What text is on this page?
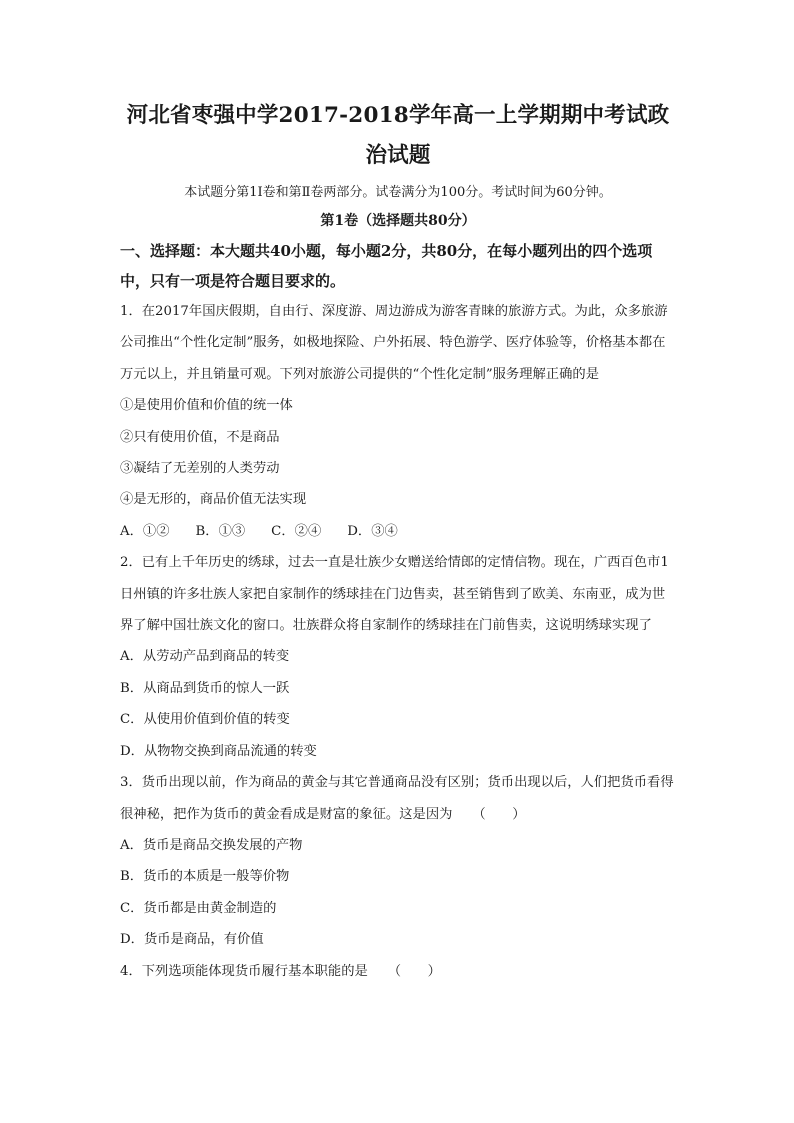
河北省枣强中学2017-2018学年高一上学期期中考试政治试题

本试题分第1I卷和第Ⅱ卷两部分。试卷满分为100分。考试时间为60分钟。

第1卷（选择题共80分）

一、选择题：本大题共40小题，每小题2分，共80分，在每小题列出的四个选项中，只有一项是符合题目要求的。

1．在2017年国庆假期，自由行、深度游、周边游成为游客青睐的旅游方式。为此，众多旅游公司推出“个性化定制”服务，如极地探险、户外拓展、特色游学、医疗体验等，价格基本都在万元以上，并且销量可观。下列对旅游公司提供的“个性化定制”服务理解正确的是

①是使用价值和价值的统一体

②只有使用价值，不是商品

③凝结了无差别的人类劳动

④是无形的，商品价值无法实现

A．①② B．①③ C．②④ D．③④

2．已有上千年历史的绣球，过去一直是壮族少女赠送给情郎的定情信物。现在，广西百色市1日州镇的许多壮族人家把自家制作的绣球挂在门边售卖，甚至销售到了欧美、东南亚，成为世界了解中国壮族文化的窗口。壮族群众将自家制作的绣球挂在门前售卖，这说明绣球实现了

A．从劳动产品到商品的转变

B．从商品到货币的惊人一跃

C．从使用价值到价值的转变

D．从物物交换到商品流通的转变

3．货币出现以前，作为商品的黄金与其它普通商品没有区别；货币出现以后，人们把货币看得很神秘，把作为货币的黄金看成是财富的象征。这是因为　　（　　）

A．货币是商品交换发展的产物

B．货币的本质是一般等价物

C．货币都是由黄金制造的

D．货币是商品，有价值

4．下列选项能体现货币履行基本职能的是　　（　　）
